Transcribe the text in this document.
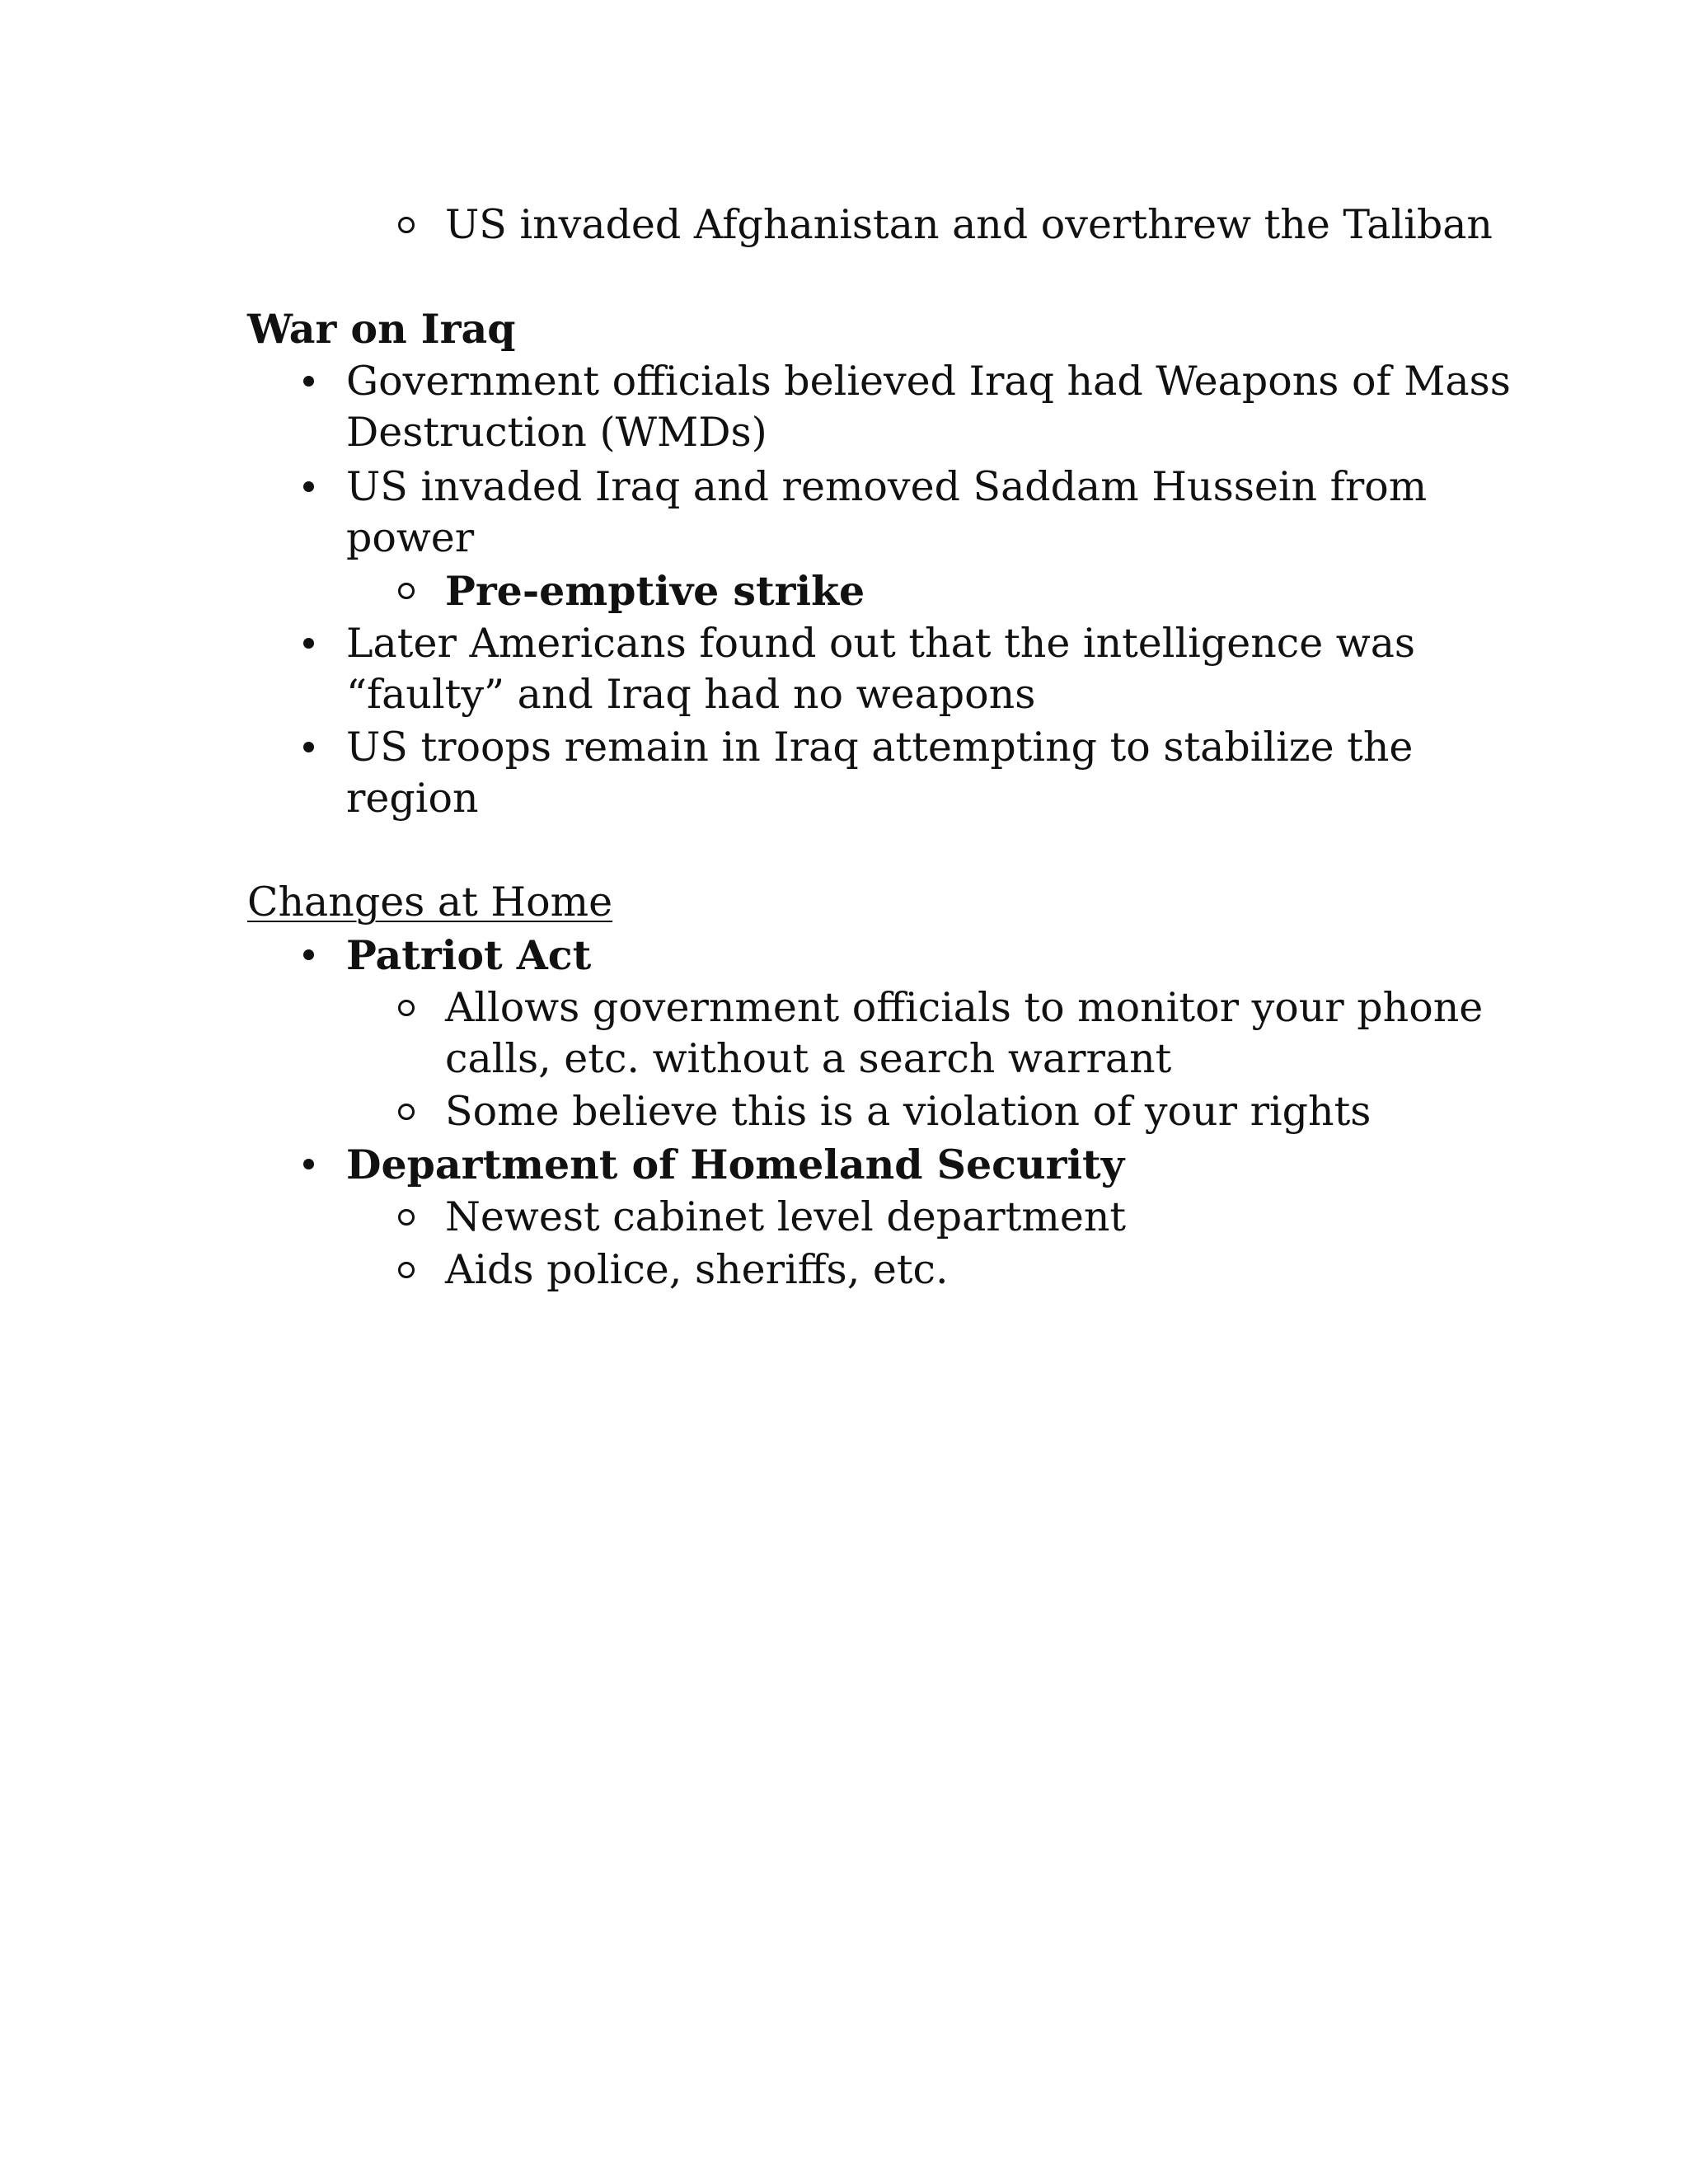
US invaded Afghanistan and overthrew the Taliban
War on Iraq
Government officials believed Iraq had Weapons of Mass
Destruction (WMDs)
US invaded Iraq and removed Saddam Hussein from
power
Pre-emptive strike
Later Americans found out that the intelligence was
“faulty” and Iraq had no weapons
US troops remain in Iraq attempting to stabilize the
region
Changes at Home
Patriot Act
Allows government officials to monitor your phone
calls, etc. without a search warrant
Some believe this is a violation of your rights
Department of Homeland Security
Newest cabinet level department
Aids police, sheriffs, etc.
